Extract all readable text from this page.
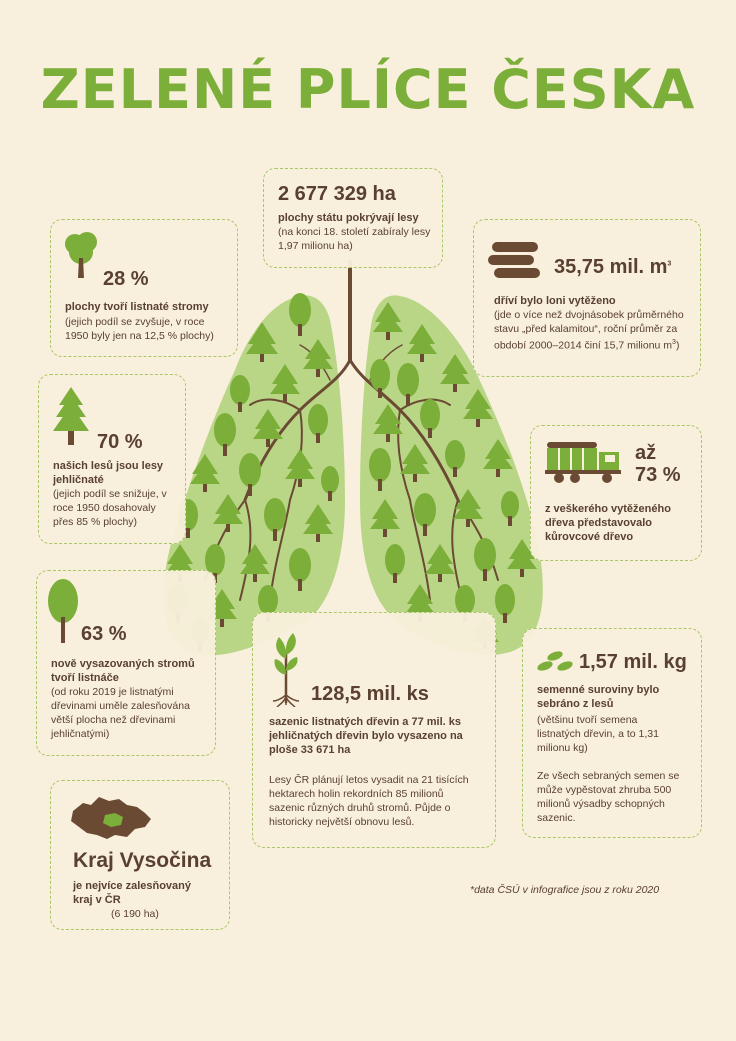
ZELENÉ PLÍCE ČESKA
2 677 329 ha
plochy státu pokrývají lesy
(na konci 18. století zabíraly lesy 1,97 milionu ha)
28 %
plochy tvoří listnaté stromy
(jejich podíl se zvyšuje, v roce 1950 byly jen na 12,5 % plochy)
35,75 mil. $m^3$
dříví bylo loni vytěženo
(jde o více než dvojnásobek průměrného stavu „před kalamitou“, roční průměr za období 2000–2014 činí 15,7 milionu $m^3$)
70 %
našich lesů jsou lesy jehličnaté
(jejich podíl se snižuje, v roce 1950 dosahovaly přes 85 % plochy)
až
73 %
z veškerého vytěženého dřeva představovalo kůrovcové dřevo
63 %
nově vysazovaných stromů tvoří listnáče
(od roku 2019 je listnatými dřevinami uměle zalesňována větší plocha než dřevinami jehličnatými)
128,5 mil. ks
sazenic listnatých dřevin a 77 mil. ks jehličnatých dřevin bylo vysazeno na ploše 33 671 ha
Lesy ČR plánují letos vysadit na 21 tisících hektarech holin rekordních 85 milionů sazenic různých druhů stromů. Půjde o historicky největší obnovu lesů.
1,57 mil. kg
semenné suroviny bylo sebráno z lesů
(většinu tvoří semena listnatých dřevin, a to 1,31 milionu kg)
Ze všech sebraných semen se může vypěstovat zhruba 500 milionů výsadby schopných sazenic.
Kraj Vysočina
je nejvíce zalesňovaný kraj v ČR
(6 190 ha)
*data ČSÚ v infografice jsou z roku 2020
